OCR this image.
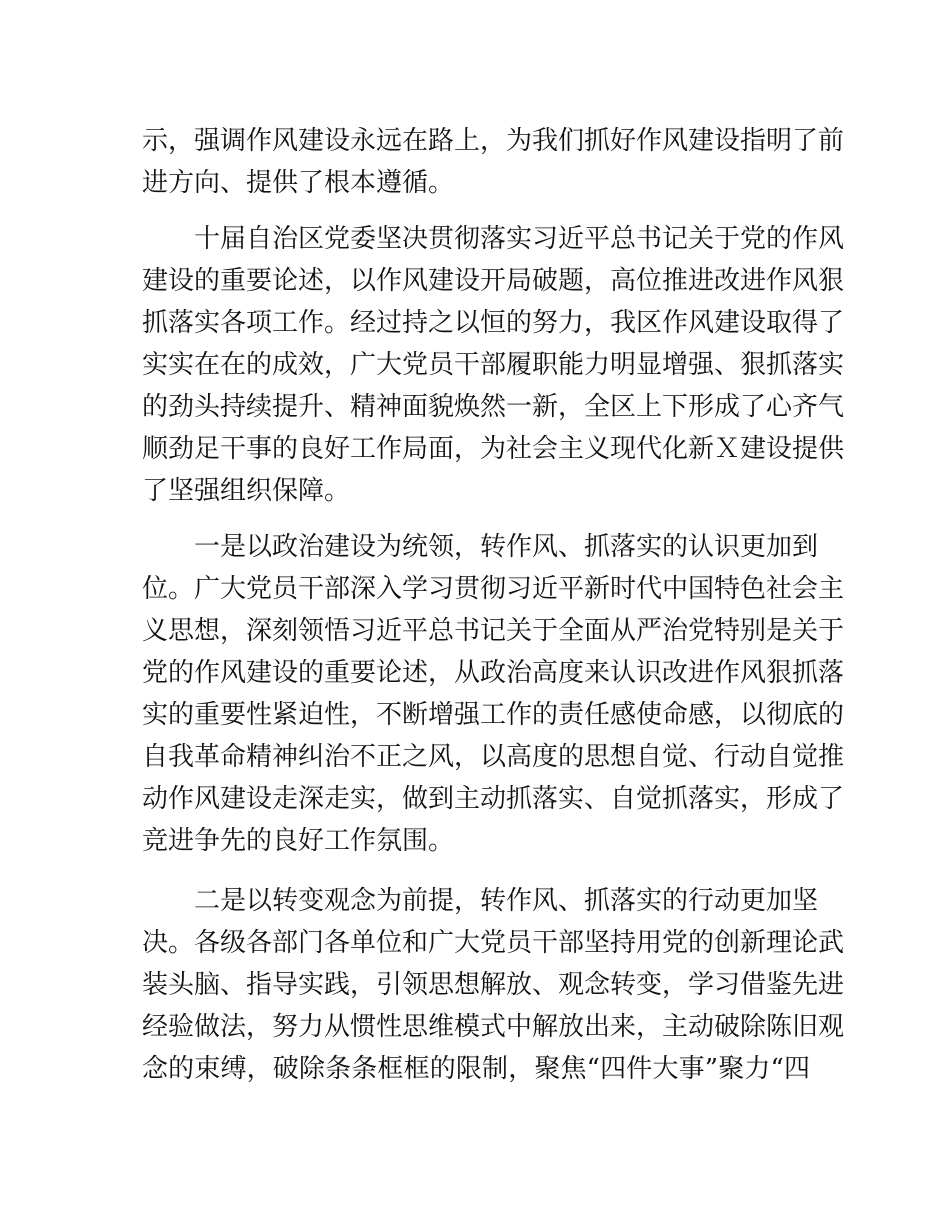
示，强调作风建设永远在路上，为我们抓好作风建设指明了前
进方向、提供了根本遵循。
十届自治区党委坚决贯彻落实习近平总书记关于党的作风
建设的重要论述，以作风建设开局破题，高位推进改进作风狠
抓落实各项工作。经过持之以恒的努力，我区作风建设取得了
实实在在的成效，广大党员干部履职能力明显增强、狠抓落实
的劲头持续提升、精神面貌焕然一新，全区上下形成了心齐气
顺劲足干事的良好工作局面，为社会主义现代化新Ｘ建设提供
了坚强组织保障。
一是以政治建设为统领，转作风、抓落实的认识更加到
位。广大党员干部深入学习贯彻习近平新时代中国特色社会主
义思想，深刻领悟习近平总书记关于全面从严治党特别是关于
党的作风建设的重要论述，从政治高度来认识改进作风狠抓落
实的重要性紧迫性，不断增强工作的责任感使命感，以彻底的
自我革命精神纠治不正之风，以高度的思想自觉、行动自觉推
动作风建设走深走实，做到主动抓落实、自觉抓落实，形成了
竞进争先的良好工作氛围。
二是以转变观念为前提，转作风、抓落实的行动更加坚
决。各级各部门各单位和广大党员干部坚持用党的创新理论武
装头脑、指导实践，引领思想解放、观念转变，学习借鉴先进
经验做法，努力从惯性思维模式中解放出来，主动破除陈旧观
念的束缚，破除条条框框的限制，聚焦“四件大事”聚力“四
